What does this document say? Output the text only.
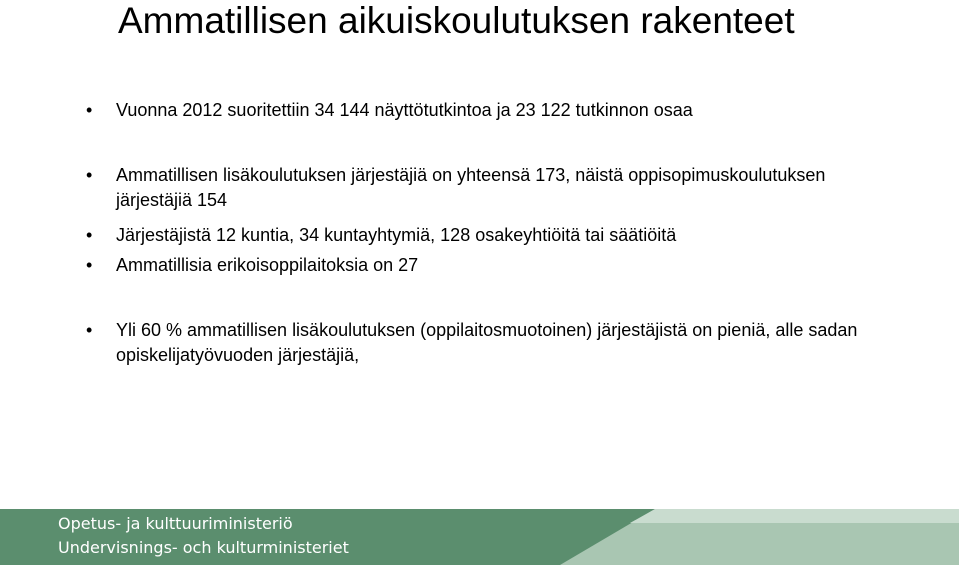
Ammatillisen aikuiskoulutuksen rakenteet
• Vuonna 2012 suoritettiin 34 144 näyttötutkintoa ja 23 122 tutkinnon osaa
• Ammatillisen lisäkoulutuksen järjestäjiä on yhteensä 173, näistä oppisopimuskoulutuksen järjestäjiä 154
• Järjestäjistä 12 kuntia, 34 kuntayhtymiä, 128 osakeyhtiöitä tai säätiöitä
• Ammatillisia erikoisoppilaitoksia on 27
• Yli 60 % ammatillisen lisäkoulutuksen (oppilaitosmuotoinen) järjestäjistä on pieniä, alle sadan opiskelijatyövuoden järjestäjiä,
Opetus- ja kulttuuriministeriö
Undervisnings- och kulturministeriet
